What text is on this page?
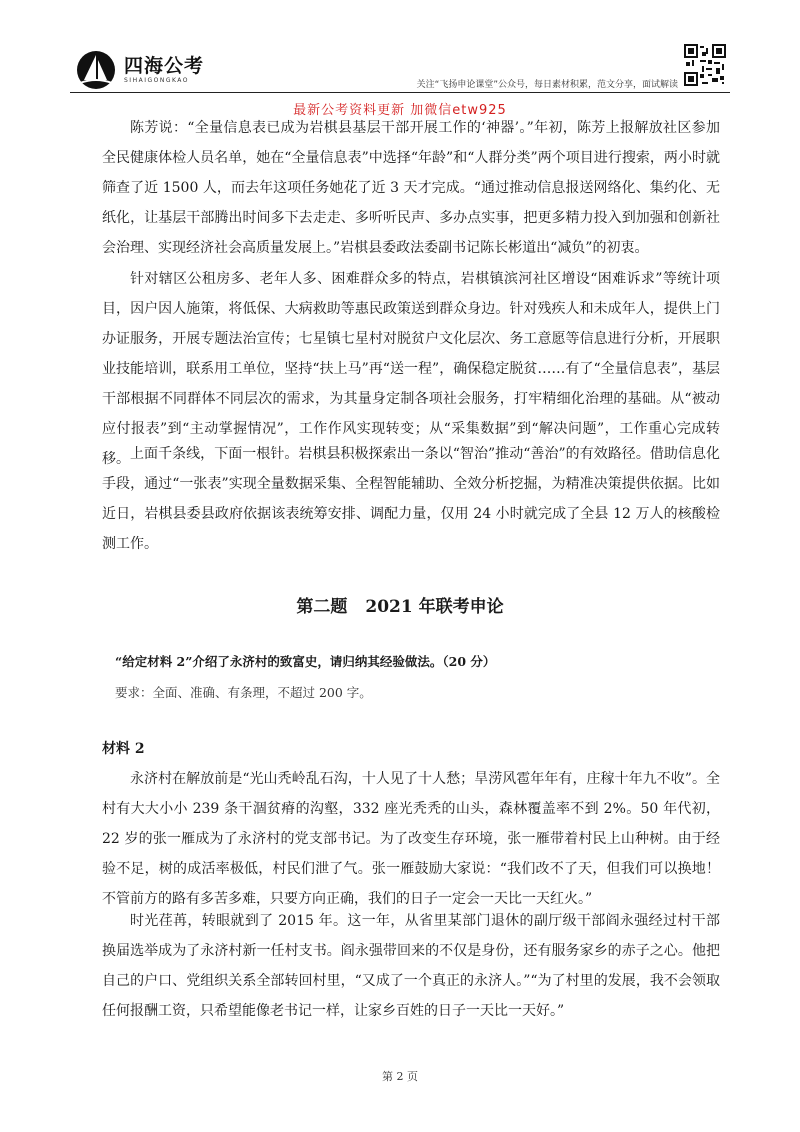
四海公考
SIHAIGONGKAO	关注“飞扬申论课堂”公众号，每日素材积累，范文分享，面试解读
最新公考资料更新 加微信etw925

陈芳说：“全量信息表已成为岩棋县基层干部开展工作的‘神器’。”年初，陈芳上报解放社区参加全民健康体检人员名单，她在“全量信息表”中选择“年龄”和“人群分类”两个项目进行搜索，两小时就筛查了近 1500 人，而去年这项任务她花了近 3 天才完成。“通过推动信息报送网络化、集约化、无纸化，让基层干部腾出时间多下去走走、多听听民声、多办点实事，把更多精力投入到加强和创新社会治理、实现经济社会高质量发展上。”岩棋县委政法委副书记陈长彬道出“减负”的初衷。

针对辖区公租房多、老年人多、困难群众多的特点，岩棋镇滨河社区增设“困难诉求”等统计项目，因户因人施策，将低保、大病救助等惠民政策送到群众身边。针对残疾人和未成年人，提供上门办证服务，开展专题法治宣传；七星镇七星村对脱贫户文化层次、务工意愿等信息进行分析，开展职业技能培训，联系用工单位，坚持“扶上马”再“送一程”，确保稳定脱贫……有了“全量信息表”，基层干部根据不同群体不同层次的需求，为其量身定制各项社会服务，打牢精细化治理的基础。从“被动应付报表”到“主动掌握情况”，工作作风实现转变；从“采集数据”到“解决问题”，工作重心完成转移。 上面千条线，下面一根针。岩棋县积极探索出一条以“智治”推动“善治”的有效路径。借助信息化手段，通过“一张表”实现全量数据采集、全程智能辅助、全效分析挖掘，为精准决策提供依据。比如近日，岩棋县委县政府依据该表统筹安排、调配力量，仅用 24 小时就完成了全县 12 万人的核酸检测工作。

第二题 2021 年联考申论
“给定材料 2”介绍了永济村的致富史，请归纳其经验做法。（20 分）
要求：全面、准确、有条理，不超过 200 字。
材料 2

永济村在解放前是“光山秃岭乱石沟，十人见了十人愁；旱涝风雹年年有，庄稼十年九不收”。全村有大大小小 239 条干涸贫瘠的沟壑，332 座光秃秃的山头，森林覆盖率不到 2%。50 年代初，22 岁的张一雁成为了永济村的党支部书记。为了改变生存环境，张一雁带着村民上山种树。由于经验不足，树的成活率极低，村民们泄了气。张一雁鼓励大家说：“我们改不了天，但我们可以换地！不管前方的路有多苦多难，只要方向正确，我们的日子一定会一天比一天红火。”

时光荏苒，转眼就到了 2015 年。这一年，从省里某部门退休的副厅级干部阎永强经过村干部换届选举成为了永济村新一任村支书。阎永强带回来的不仅是身份，还有服务家乡的赤子之心。他把自己的户口、党组织关系全部转回村里，“又成了一个真正的永济人。”“为了村里的发展，我不会领取任何报酬工资，只希望能像老书记一样，让家乡百姓的日子一天比一天好。”

第 2 页
